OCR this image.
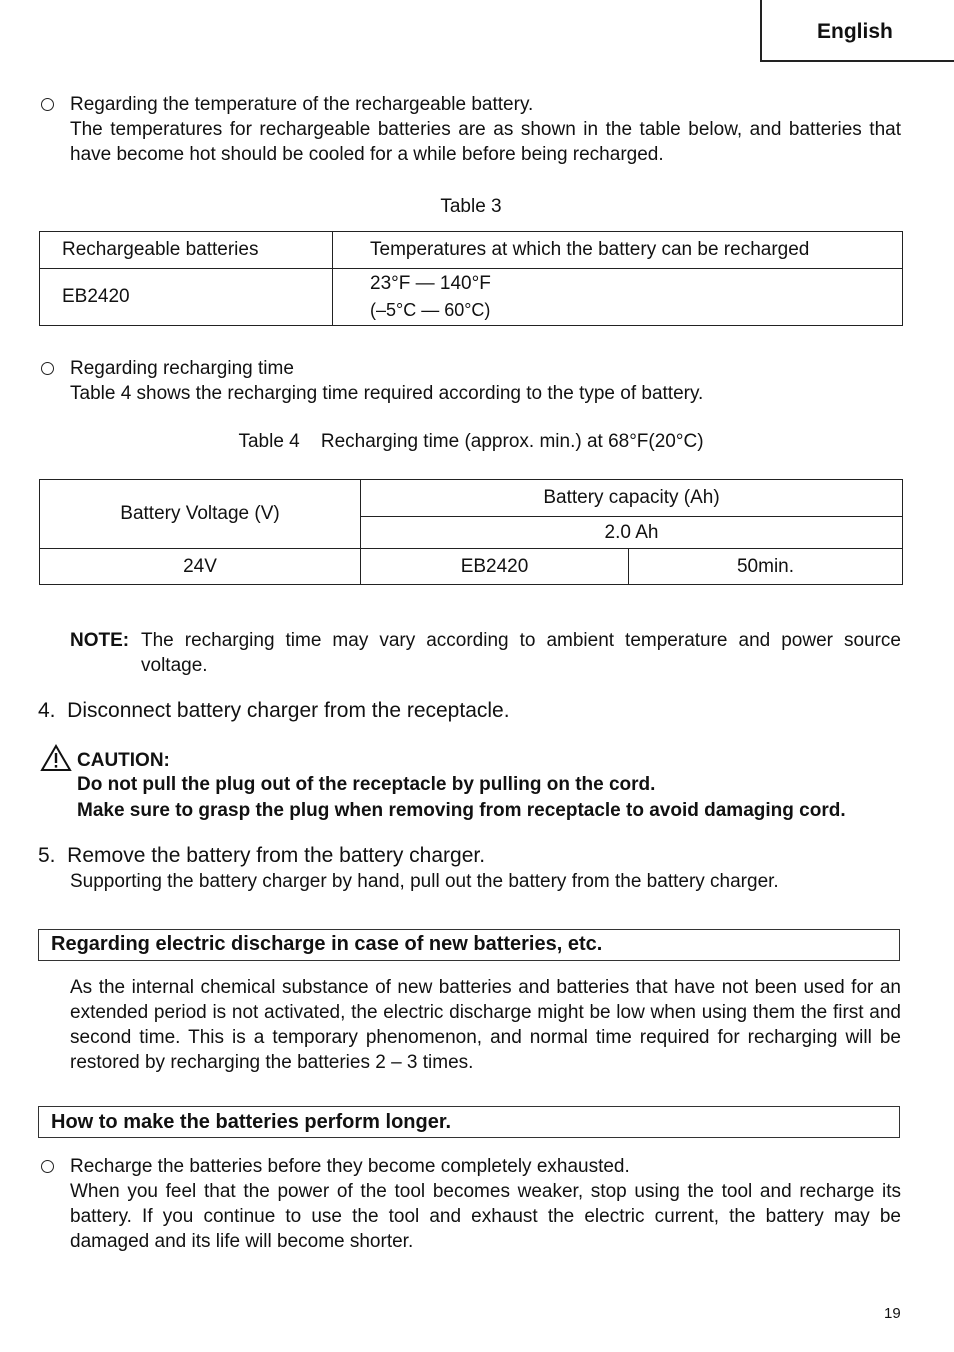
English
Regarding the temperature of the rechargeable battery.
The temperatures for rechargeable batteries are as shown in the table below, and batteries that have become hot should be cooled for a while before being recharged.
Table 3
Rechargeable batteries	Temperatures at which the battery can be recharged
EB2420	23°F — 140°F
(–5°C — 60°C)
Regarding recharging time
Table 4 shows the recharging time required according to the type of battery.
Table 4    Recharging time (approx. min.) at 68°F(20°C)
Battery Voltage (V)	Battery capacity (Ah)	
	2.0 Ah	
24V	EB2420	50min.
NOTE: The recharging time may vary according to ambient temperature and power source voltage.
4.  Disconnect battery charger from the receptacle.
CAUTION:
Do not pull the plug out of the receptacle by pulling on the cord.
Make sure to grasp the plug when removing from receptacle to avoid damaging cord.
5.  Remove the battery from the battery charger.
Supporting the battery charger by hand, pull out the battery from the battery charger.
Regarding electric discharge in case of new batteries, etc.
As the internal chemical substance of new batteries and batteries that have not been used for an extended period is not activated, the electric discharge might be low when using them the first and second time. This is a temporary phenomenon, and normal time required for recharging will be restored by recharging the batteries 2 – 3 times.
How to make the batteries perform longer.
Recharge the batteries before they become completely exhausted.
When you feel that the power of the tool becomes weaker, stop using the tool and recharge its battery. If you continue to use the tool and exhaust the electric current, the battery may be damaged and its life will become shorter.
19
